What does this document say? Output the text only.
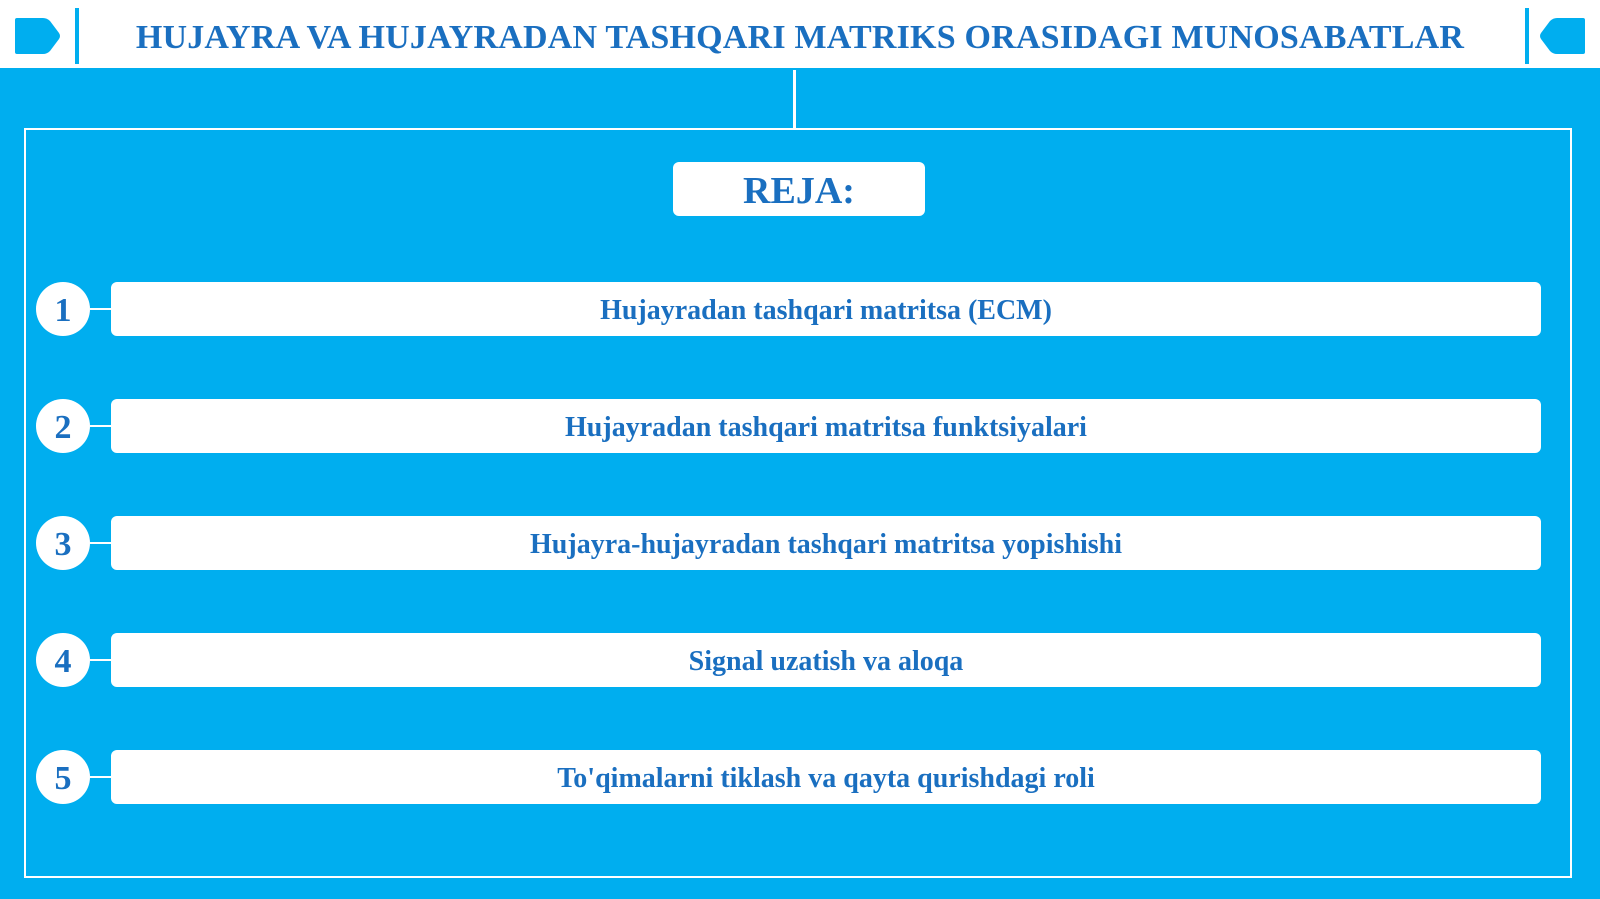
HUJAYRA VA HUJAYRADAN TASHQARI MATRIKS ORASIDAGI MUNOSABATLAR
REJA:
1	Hujayradan tashqari matritsa (ECM)
2	Hujayradan tashqari matritsa funktsiyalari
3	Hujayra-hujayradan tashqari matritsa yopishishi
4	Signal uzatish va aloqa
5	To'qimalarni tiklash va qayta qurishdagi roli
